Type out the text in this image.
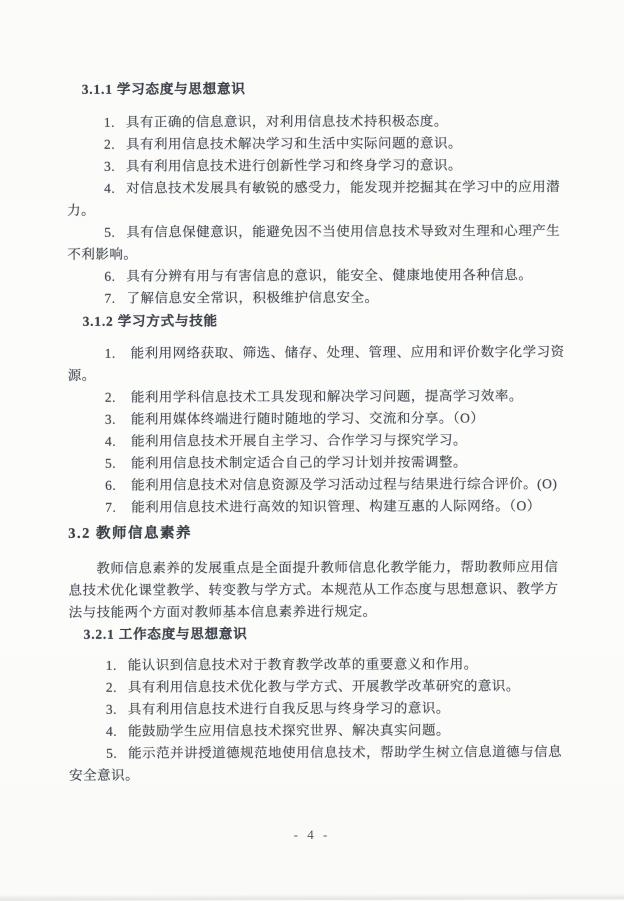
3.1.1 学习态度与思想意识
1. 具有正确的信息意识，对利用信息技术持积极态度。
2. 具有利用信息技术解决学习和生活中实际问题的意识。
3. 具有利用信息技术进行创新性学习和终身学习的意识。
4. 对信息技术发展具有敏锐的感受力，能发现并挖掘其在学习中的应用潜力。
5. 具有信息保健意识，能避免因不当使用信息技术导致对生理和心理产生不利影响。
6. 具有分辨有用与有害信息的意识，能安全、健康地使用各种信息。
7. 了解信息安全常识，积极维护信息安全。
3.1.2 学习方式与技能
1. 能利用网络获取、筛选、储存、处理、管理、应用和评价数字化学习资源。
2. 能利用学科信息技术工具发现和解决学习问题，提高学习效率。
3. 能利用媒体终端进行随时随地的学习、交流和分享。（O）
4. 能利用信息技术开展自主学习、合作学习与探究学习。
5. 能利用信息技术制定适合自己的学习计划并按需调整。
6. 能利用信息技术对信息资源及学习活动过程与结果进行综合评价。(O)
7. 能利用信息技术进行高效的知识管理、构建互惠的人际网络。（O）
3.2 教师信息素养

教师信息素养的发展重点是全面提升教师信息化教学能力，帮助教师应用信息技术优化课堂教学、转变教与学方式。本规范从工作态度与思想意识、教学方法与技能两个方面对教师基本信息素养进行规定。

3.2.1 工作态度与思想意识
1. 能认识到信息技术对于教育教学改革的重要意义和作用。
2. 具有利用信息技术优化教与学方式、开展教学改革研究的意识。
3. 具有利用信息技术进行自我反思与终身学习的意识。
4. 能鼓励学生应用信息技术探究世界、解决真实问题。
5. 能示范并讲授道德规范地使用信息技术，帮助学生树立信息道德与信息安全意识。
- 4 -
